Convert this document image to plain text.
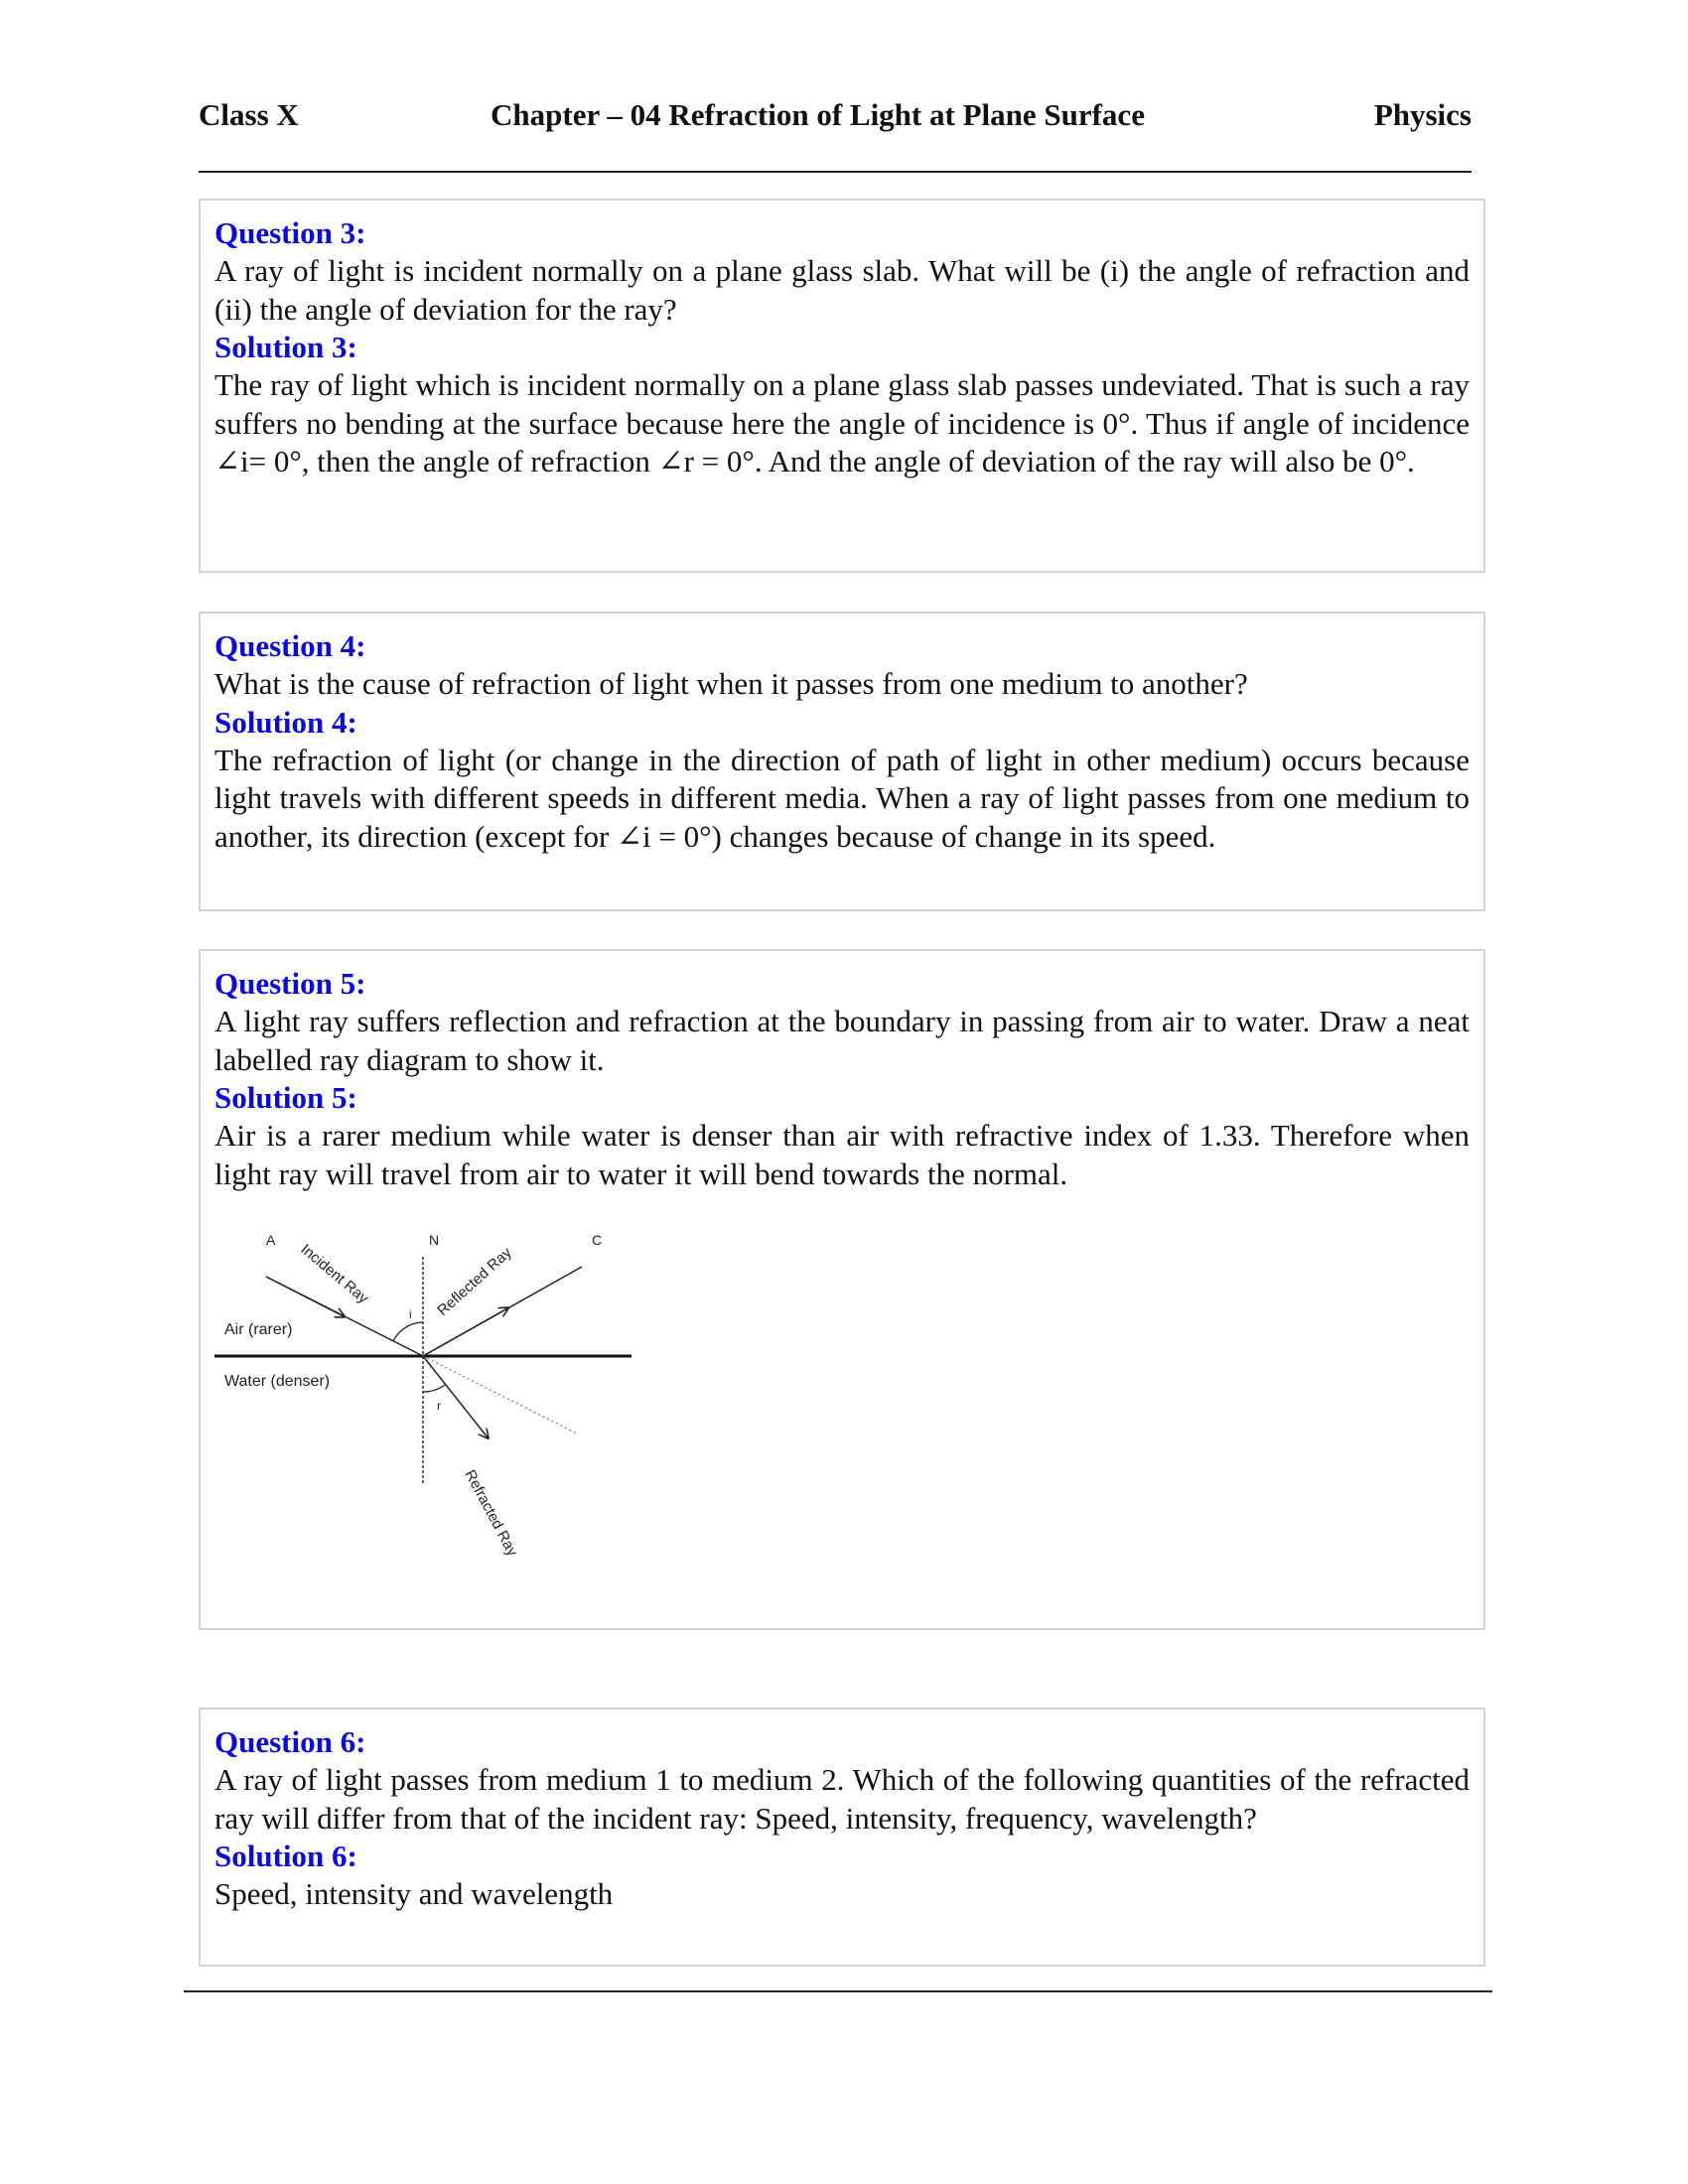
Class X	Chapter – 04 Refraction of Light at Plane Surface	Physics
Question 3:
A ray of light is incident normally on a plane glass slab. What will be (i) the angle of refraction and (ii) the angle of deviation for the ray?
Solution 3:
The ray of light which is incident normally on a plane glass slab passes undeviated. That is such a ray suffers no bending at the surface because here the angle of incidence is 0°. Thus if angle of incidence ∠i= 0°, then the angle of refraction ∠r = 0°. And the angle of deviation of the ray will also be 0°.
Question 4:
What is the cause of refraction of light when it passes from one medium to another?
Solution 4:
The refraction of light (or change in the direction of path of light in other medium) occurs because light travels with different speeds in different media. When a ray of light passes from one medium to another, its direction (except for ∠i = 0°) changes because of change in its speed.
Question 5:
A light ray suffers reflection and refraction at the boundary in passing from air to water. Draw a neat labelled ray diagram to show it.
Solution 5:
Air is a rarer medium while water is denser than air with refractive index of 1.33. Therefore when light ray will travel from air to water it will bend towards the normal.
A	N	C
i
r
Air (rarer)
Water (denser)
Incident Ray	Reflected Ray
Refracted Ray
Question 6:
A ray of light passes from medium 1 to medium 2. Which of the following quantities of the refracted ray will differ from that of the incident ray: Speed, intensity, frequency, wavelength?
Solution 6:
Speed, intensity and wavelength
